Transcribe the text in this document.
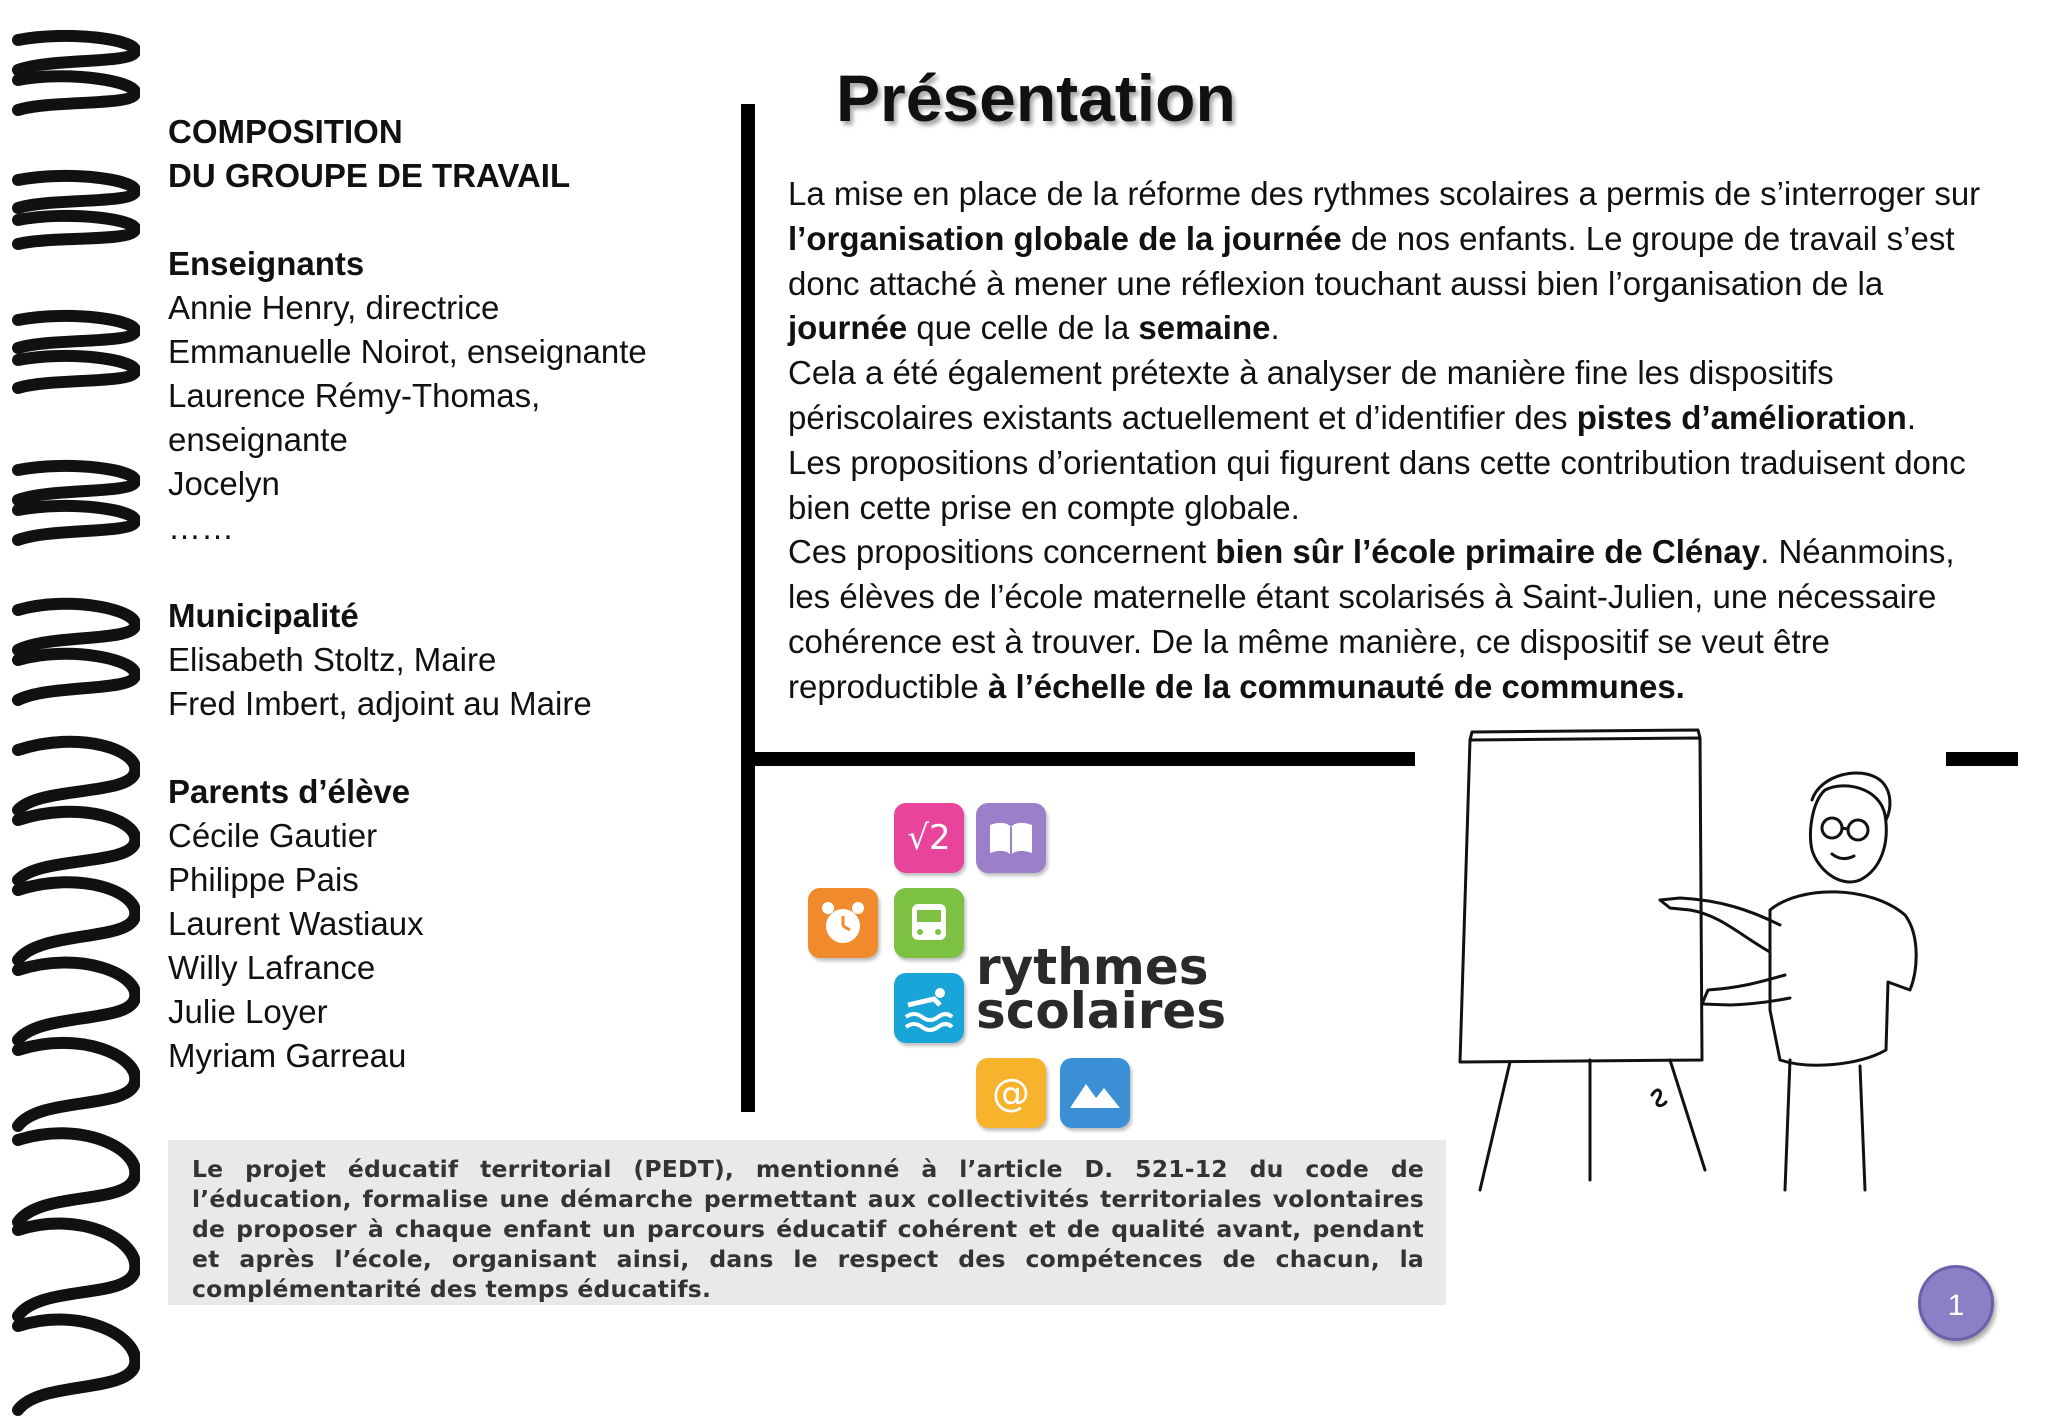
COMPOSITION
DU GROUPE DE TRAVAIL
Enseignants
Annie Henry, directrice
Emmanuelle Noirot, enseignante
Laurence Rémy-Thomas, enseignante
Jocelyn
……
Municipalité
Elisabeth Stoltz, Maire
Fred Imbert, adjoint au Maire
Parents d’élève
Cécile Gautier
Philippe Pais
Laurent Wastiaux
Willy Lafrance
Julie Loyer
Myriam Garreau
Présentation

La mise en place de la réforme des rythmes scolaires a permis de s’interroger sur l’organisation globale de la journée de nos enfants. Le groupe de travail s’est donc attaché à mener une réflexion touchant aussi bien l’organisation de la journée que celle de la semaine.

Cela a été également prétexte à analyser de manière fine les dispositifs périscolaires existants actuellement et d’identifier des pistes d’amélioration.

Les propositions d’orientation qui figurent dans cette contribution traduisent donc bien cette prise en compte globale.

Ces propositions concernent bien sûr l’école primaire de Clénay. Néanmoins, les élèves de l’école maternelle étant scolarisés à Saint-Julien, une nécessaire cohérence est à trouver. De la même manière, ce dispositif se veut être reproductible à l’échelle de la communauté de communes.

√2
@
rythmes
scolaires
Le projet éducatif territorial (PEDT), mentionné à l’article D. 521-12 du code de l’éducation, formalise une démarche permettant aux collectivités territoriales volontaires de proposer à chaque enfant un parcours éducatif cohérent et de qualité avant, pendant et après l’école, organisant ainsi, dans le respect des compétences de chacun, la complémentarité des temps éducatifs.	1
